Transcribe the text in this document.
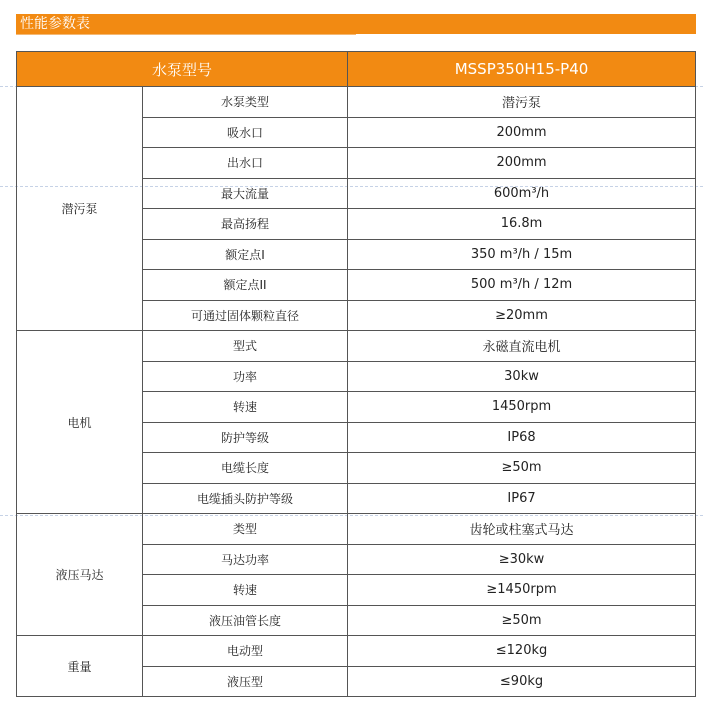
性能参数表
水泵型号		MSSP350H15-P40
潜污泵	水泵类型	潜污泵
	吸水口	200mm
	出水口	200mm
	最大流量	600m³/h
	最高扬程	16.8m
	额定点I	350 m³/h / 15m
	额定点II	500 m³/h / 12m
	可通过固体颗粒直径	≥20mm
电机	型式	永磁直流电机
	功率	30kw
	转速	1450rpm
	防护等级	IP68
	电缆长度	≥50m
	电缆插头防护等级	IP67
液压马达	类型	齿轮或柱塞式马达
	马达功率	≥30kw
	转速	≥1450rpm
	液压油管长度	≥50m
重量	电动型	≤120kg
	液压型	≤90kg
